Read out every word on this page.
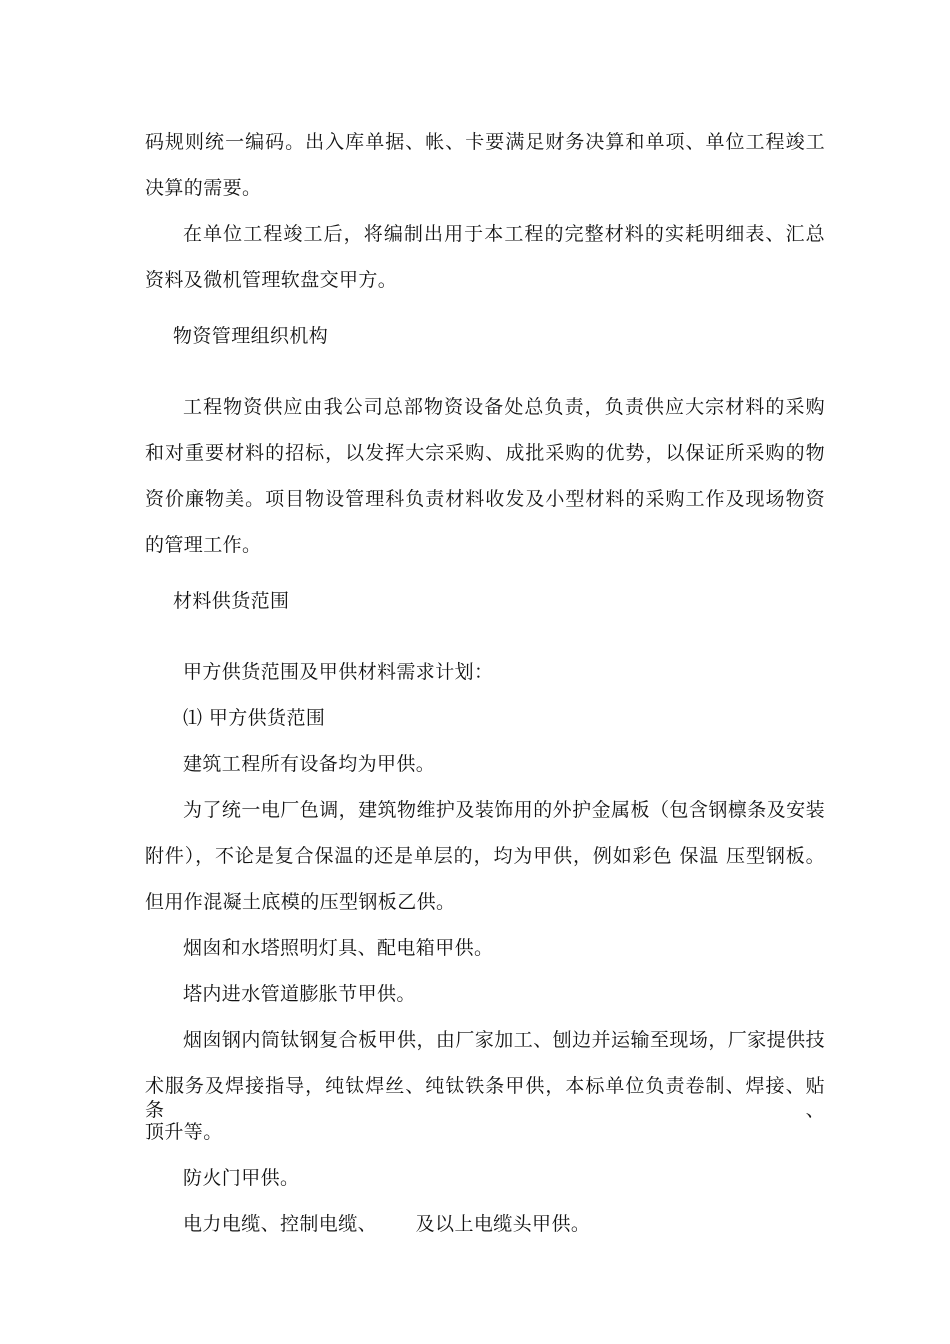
码规则统一编码。出入库单据、帐、卡要满足财务决算和单项、单位工程竣工
决算的需要。
在单位工程竣工后，将编制出用于本工程的完整材料的实耗明细表、汇总
资料及微机管理软盘交甲方。
物资管理组织机构
工程物资供应由我公司总部物资设备处总负责，负责供应大宗材料的采购
和对重要材料的招标，以发挥大宗采购、成批采购的优势，以保证所采购的物
资价廉物美。项目物设管理科负责材料收发及小型材料的采购工作及现场物资
的管理工作。
材料供货范围
甲方供货范围及甲供材料需求计划：
⑴ 甲方供货范围
建筑工程所有设备均为甲供。
为了统一电厂色调，建筑物维护及装饰用的外护金属板（包含钢檩条及安装
附件），不论是复合保温的还是单层的，均为甲供，例如彩色 保温 压型钢板。
但用作混凝土底模的压型钢板乙供。
烟囱和水塔照明灯具、配电箱甲供。
塔内进水管道膨胀节甲供。
烟囱钢内筒钛钢复合板甲供，由厂家加工、刨边并运输至现场，厂家提供技
术服务及焊接指导，纯钛焊丝、纯钛铁条甲供，本标单位负责卷制、焊接、贴条、
顶升等。
防火门甲供。
电力电缆、控制电缆、      及以上电缆头甲供。
